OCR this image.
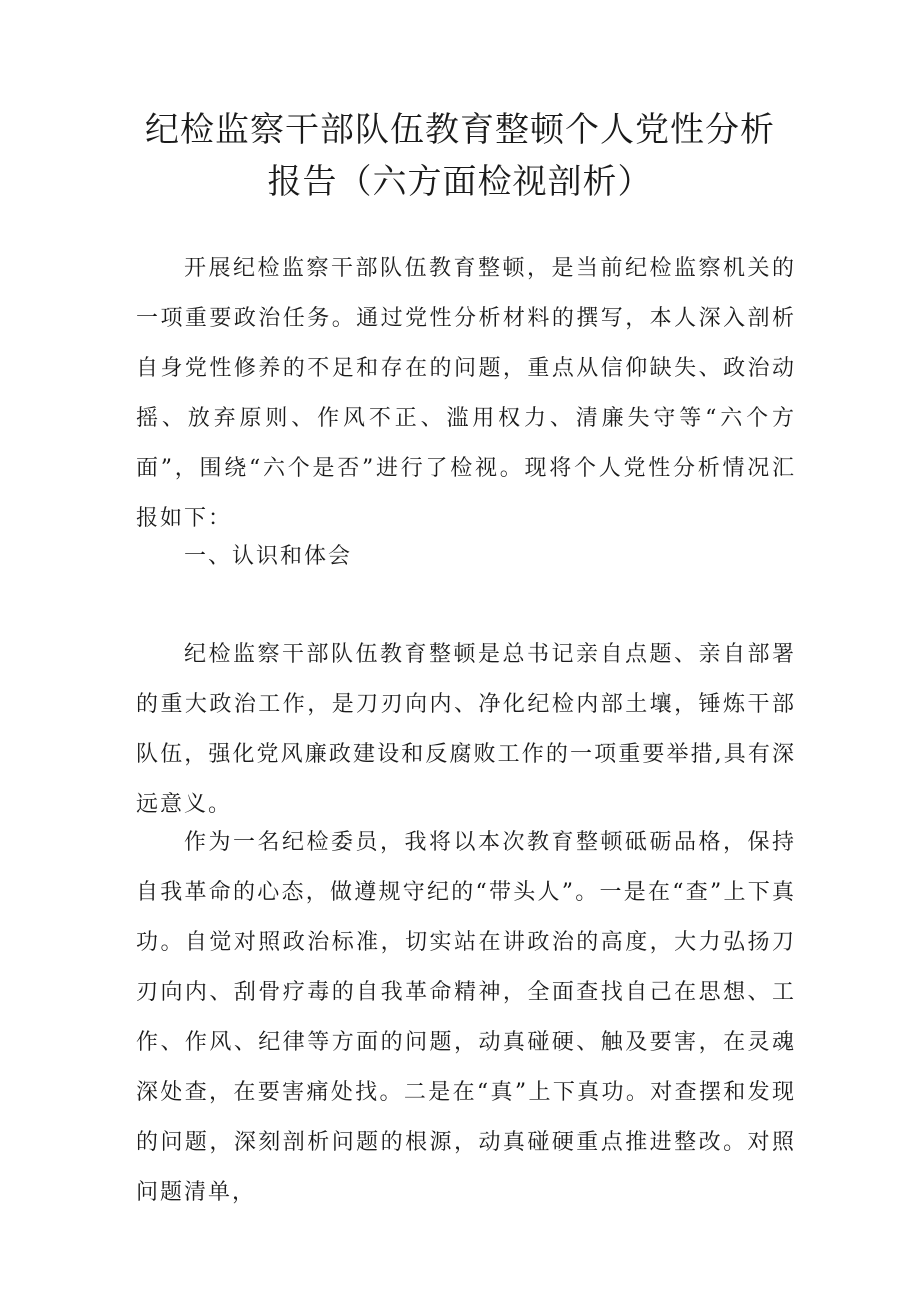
纪检监察干部队伍教育整顿个人党性分析
报告（六方面检视剖析）

开展纪检监察干部队伍教育整顿，是当前纪检监察机关的一项重要政治任务。通过党性分析材料的撰写，本人深入剖析自身党性修养的不足和存在的问题，重点从信仰缺失、政治动摇、放弃原则、作风不正、滥用权力、清廉失守等“六个方面”，围绕“六个是否”进行了检视。现将个人党性分析情况汇报如下：

一、认识和体会

纪检监察干部队伍教育整顿是总书记亲自点题、亲自部署的重大政治工作，是刀刃向内、净化纪检内部土壤，锤炼干部队伍，强化党风廉政建设和反腐败工作的一项重要举措,具有深远意义。

作为一名纪检委员，我将以本次教育整顿砥砺品格，保持自我革命的心态，做遵规守纪的“带头人”。一是在“查”上下真功。自觉对照政治标准，切实站在讲政治的高度，大力弘扬刀刃向内、刮骨疗毒的自我革命精神，全面查找自己在思想、工作、作风、纪律等方面的问题，动真碰硬、触及要害，在灵魂深处查，在要害痛处找。二是在“真”上下真功。对查摆和发现的问题，深刻剖析问题的根源，动真碰硬重点推进整改。对照问题清单，
